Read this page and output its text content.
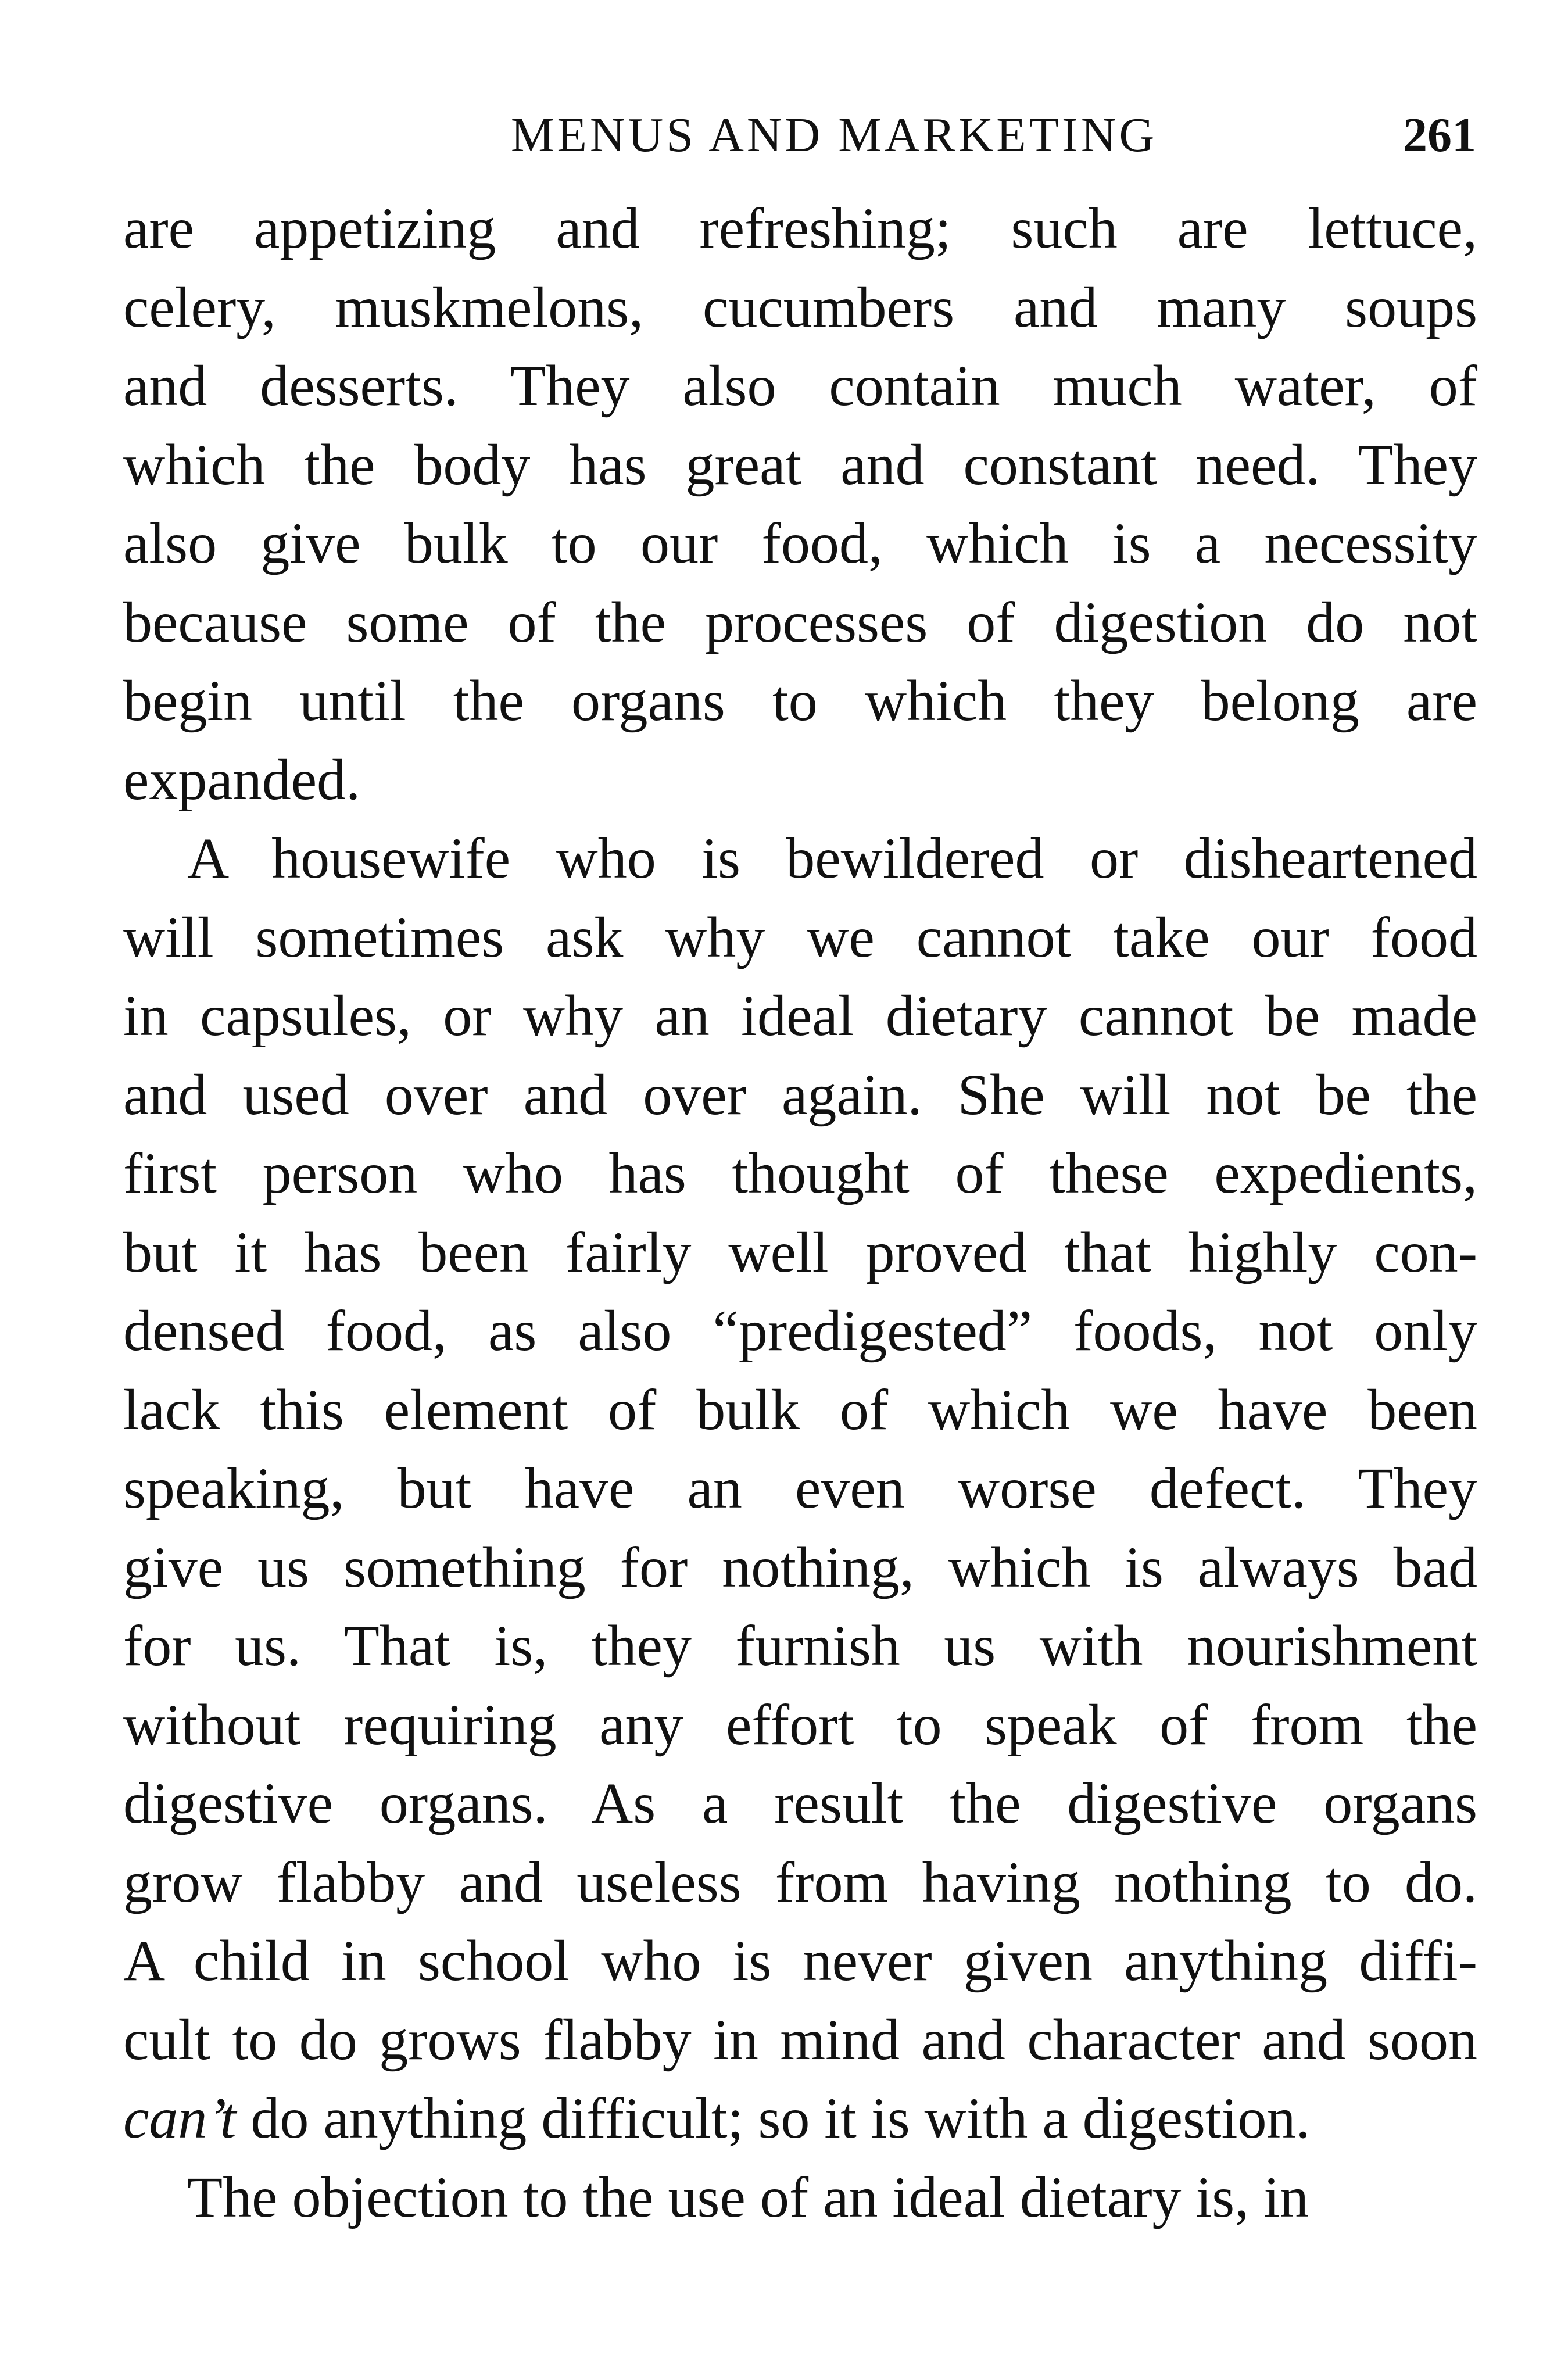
MENUS AND MARKETING	261
are appetizing and refreshing; such are lettuce,
celery, muskmelons, cucumbers and many soups
and desserts. They also contain much water, of
which the body has great and constant need. They
also give bulk to our food, which is a necessity
because some of the processes of digestion do not
begin until the organs to which they belong are
expanded.
A housewife who is bewildered or disheartened
will sometimes ask why we cannot take our food
in capsules, or why an ideal dietary cannot be made
and used over and over again. She will not be the
first person who has thought of these expedients,
but it has been fairly well proved that highly con-
densed food, as also “predigested” foods, not only
lack this element of bulk of which we have been
speaking, but have an even worse defect. They
give us something for nothing, which is always bad
for us. That is, they furnish us with nourishment
without requiring any effort to speak of from the
digestive organs. As a result the digestive organs
grow flabby and useless from having nothing to do.
A child in school who is never given anything diffi-
cult to do grows flabby in mind and character and soon
can’t do anything difficult; so it is with a digestion.
The objection to the use of an ideal dietary is, in
